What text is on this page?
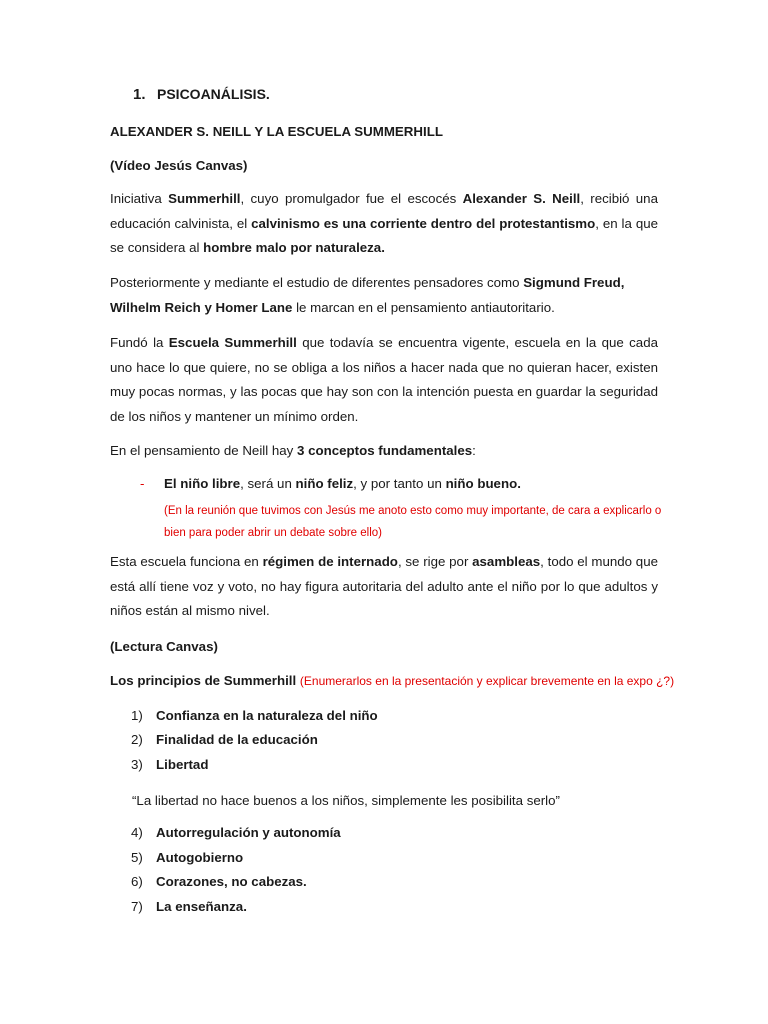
1. PSICOANÁLISIS.
ALEXANDER S. NEILL Y LA ESCUELA SUMMERHILL
(Vídeo Jesús Canvas)
Iniciativa Summerhill, cuyo promulgador fue el escocés Alexander S. Neill, recibió una educación calvinista, el calvinismo es una corriente dentro del protestantismo, en la que se considera al hombre malo por naturaleza.
Posteriormente y mediante el estudio de diferentes pensadores como Sigmund Freud, Wilhelm Reich y Homer Lane le marcan en el pensamiento antiautoritario.
Fundó la Escuela Summerhill que todavía se encuentra vigente, escuela en la que cada uno hace lo que quiere, no se obliga a los niños a hacer nada que no quieran hacer, existen muy pocas normas, y las pocas que hay son con la intención puesta en guardar la seguridad de los niños y mantener un mínimo orden.
En el pensamiento de Neill hay 3 conceptos fundamentales:
- El niño libre, será un niño feliz, y por tanto un niño bueno.
(En la reunión que tuvimos con Jesús me anoto esto como muy importante, de cara a explicarlo o bien para poder abrir un debate sobre ello)
Esta escuela funciona en régimen de internado, se rige por asambleas, todo el mundo que está allí tiene voz y voto, no hay figura autoritaria del adulto ante el niño por lo que adultos y niños están al mismo nivel.
(Lectura Canvas)
Los principios de Summerhill (Enumerarlos en la presentación y explicar brevemente en la expo ¿?)
1) Confianza en la naturaleza del niño
2) Finalidad de la educación
3) Libertad
“La libertad no hace buenos a los niños, simplemente les posibilita serlo”
4) Autorregulación y autonomía
5) Autogobierno
6) Corazones, no cabezas.
7) La enseñanza.
